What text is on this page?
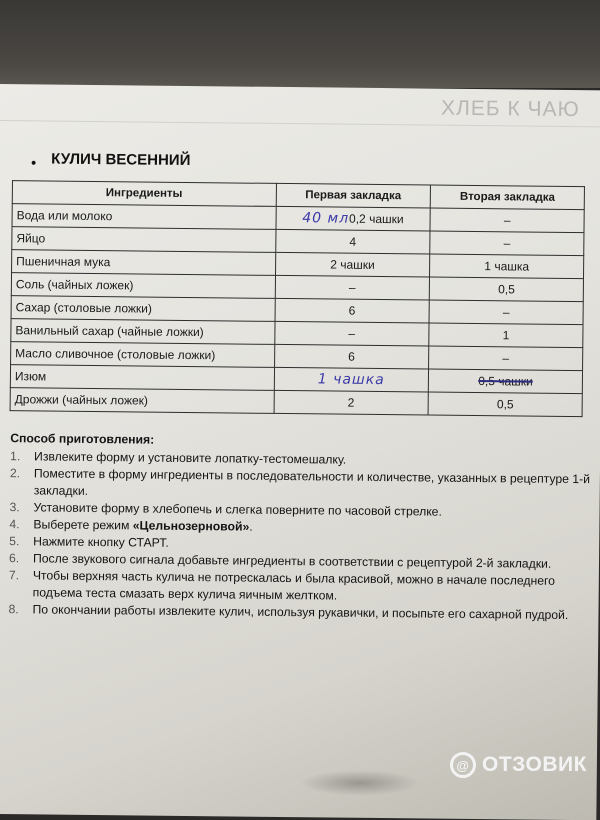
ХЛЕБ К ЧАЮ
• КУЛИЧ ВЕСЕННИЙ
Ингредиенты	Первая закладка	Вторая закладка
Вода или молоко	40 мл0,2 чашки	–
Яйцо	4	–
Пшеничная мука	2 чашки	1 чашка
Соль (чайных ложек)	–	0,5
Сахар (столовые ложки)	6	–
Ванильный сахар (чайные ложки)	–	1
Масло сливочное (столовые ложки)	6	–
Изюм	1 чашка	0,5 чашки
Дрожжи (чайных ложек)	2	0,5
Способ приготовления:
1. Извлеките форму и установите лопатку-тестомешалку.
2. Поместите в форму ингредиенты в последовательности и количестве, указанных в рецептуре 1-й закладки.
3. Установите форму в хлебопечь и слегка поверните по часовой стрелке.
4. Выберете режим «Цельнозерновой».
5. Нажмите кнопку СТАРТ.
6. После звукового сигнала добавьте ингредиенты в соответствии с рецептурой 2-й закладки.
7. Чтобы верхняя часть кулича не потрескалась и была красивой, можно в начале последнего подъема теста смазать верх кулича яичным желтком.
8. По окончании работы извлеките кулич, используя рукавички, и посыпьте его сахарной пудрой.
@ ОТЗОВИК
